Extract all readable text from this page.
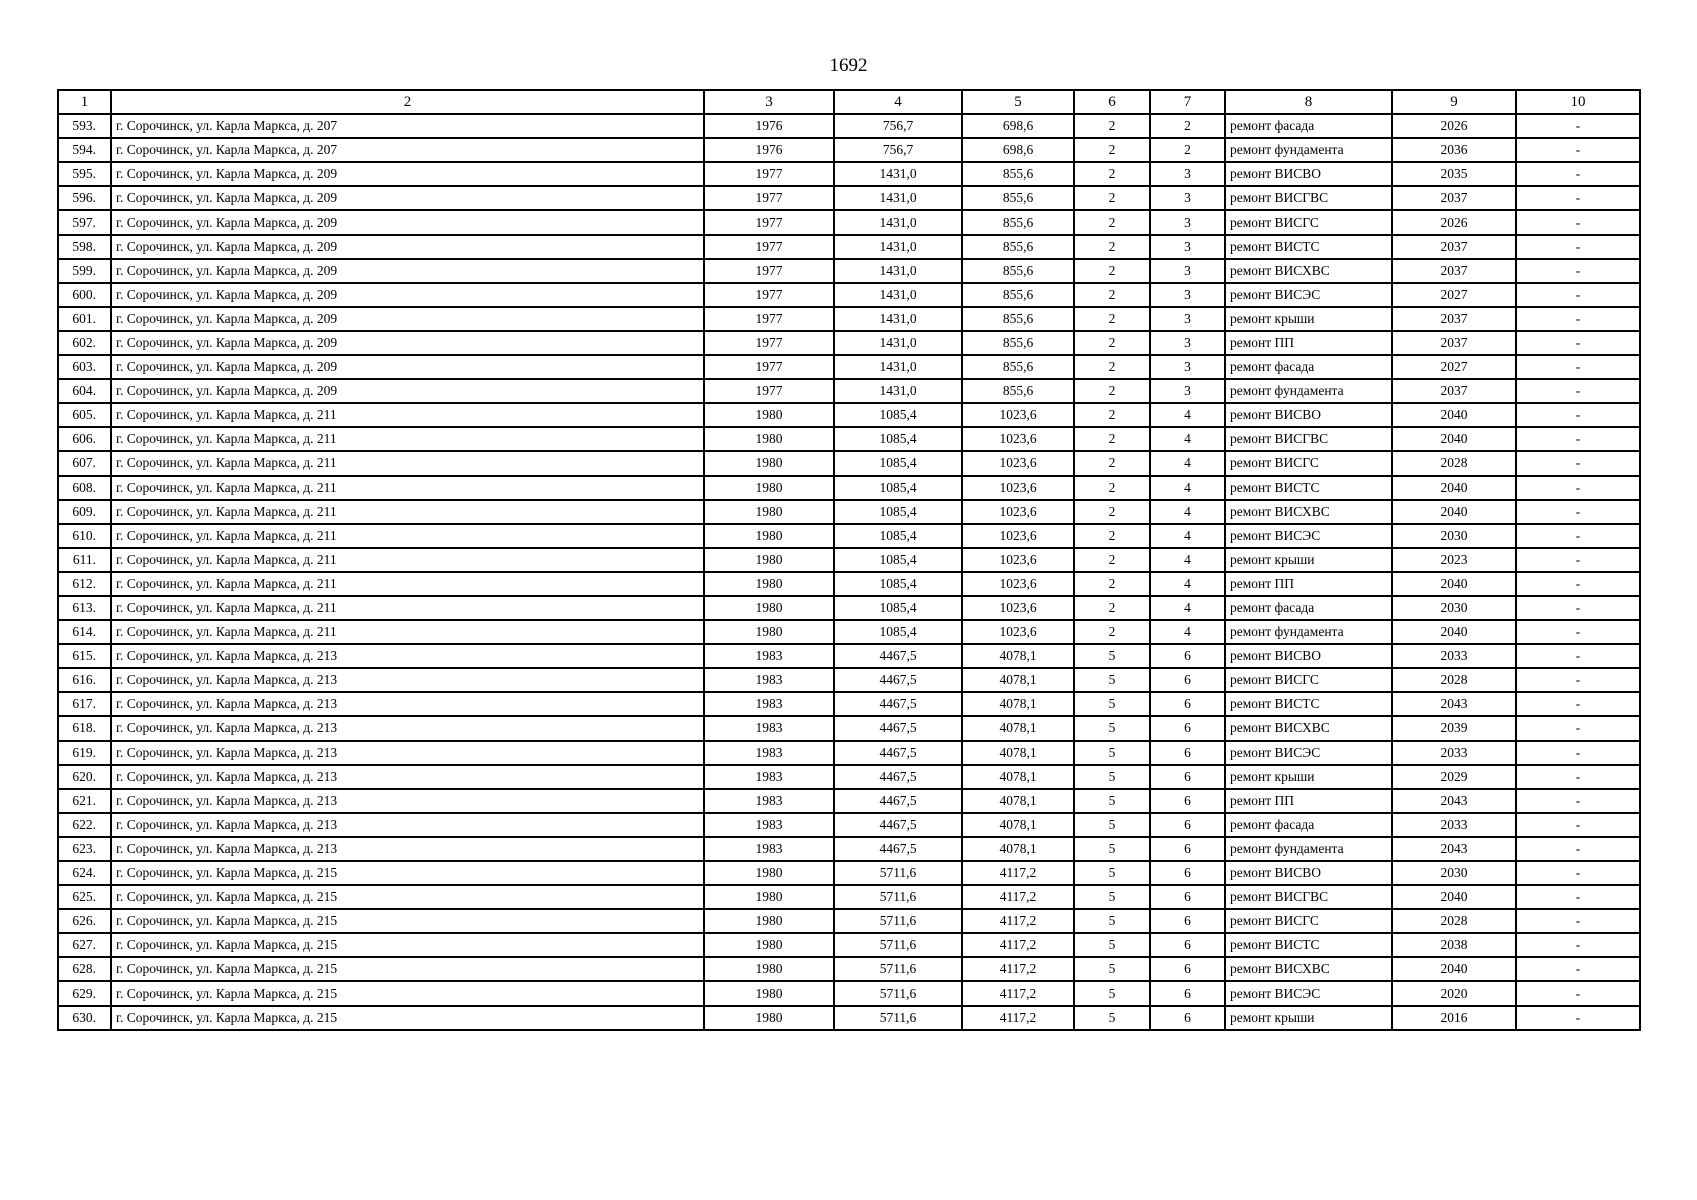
1692
1	2	3	4	5	6	7	8	9	10
593.	г. Сорочинск, ул. Карла Маркса, д. 207	1976	756,7	698,6	2	2	ремонт фасада	2026	-
594.	г. Сорочинск, ул. Карла Маркса, д. 207	1976	756,7	698,6	2	2	ремонт фундамента	2036	-
595.	г. Сорочинск, ул. Карла Маркса, д. 209	1977	1431,0	855,6	2	3	ремонт ВИСВО	2035	-
596.	г. Сорочинск, ул. Карла Маркса, д. 209	1977	1431,0	855,6	2	3	ремонт ВИСГВС	2037	-
597.	г. Сорочинск, ул. Карла Маркса, д. 209	1977	1431,0	855,6	2	3	ремонт ВИСГС	2026	-
598.	г. Сорочинск, ул. Карла Маркса, д. 209	1977	1431,0	855,6	2	3	ремонт ВИСТС	2037	-
599.	г. Сорочинск, ул. Карла Маркса, д. 209	1977	1431,0	855,6	2	3	ремонт ВИСХВС	2037	-
600.	г. Сорочинск, ул. Карла Маркса, д. 209	1977	1431,0	855,6	2	3	ремонт ВИСЭС	2027	-
601.	г. Сорочинск, ул. Карла Маркса, д. 209	1977	1431,0	855,6	2	3	ремонт крыши	2037	-
602.	г. Сорочинск, ул. Карла Маркса, д. 209	1977	1431,0	855,6	2	3	ремонт ПП	2037	-
603.	г. Сорочинск, ул. Карла Маркса, д. 209	1977	1431,0	855,6	2	3	ремонт фасада	2027	-
604.	г. Сорочинск, ул. Карла Маркса, д. 209	1977	1431,0	855,6	2	3	ремонт фундамента	2037	-
605.	г. Сорочинск, ул. Карла Маркса, д. 211	1980	1085,4	1023,6	2	4	ремонт ВИСВО	2040	-
606.	г. Сорочинск, ул. Карла Маркса, д. 211	1980	1085,4	1023,6	2	4	ремонт ВИСГВС	2040	-
607.	г. Сорочинск, ул. Карла Маркса, д. 211	1980	1085,4	1023,6	2	4	ремонт ВИСГС	2028	-
608.	г. Сорочинск, ул. Карла Маркса, д. 211	1980	1085,4	1023,6	2	4	ремонт ВИСТС	2040	-
609.	г. Сорочинск, ул. Карла Маркса, д. 211	1980	1085,4	1023,6	2	4	ремонт ВИСХВС	2040	-
610.	г. Сорочинск, ул. Карла Маркса, д. 211	1980	1085,4	1023,6	2	4	ремонт ВИСЭС	2030	-
611.	г. Сорочинск, ул. Карла Маркса, д. 211	1980	1085,4	1023,6	2	4	ремонт крыши	2023	-
612.	г. Сорочинск, ул. Карла Маркса, д. 211	1980	1085,4	1023,6	2	4	ремонт ПП	2040	-
613.	г. Сорочинск, ул. Карла Маркса, д. 211	1980	1085,4	1023,6	2	4	ремонт фасада	2030	-
614.	г. Сорочинск, ул. Карла Маркса, д. 211	1980	1085,4	1023,6	2	4	ремонт фундамента	2040	-
615.	г. Сорочинск, ул. Карла Маркса, д. 213	1983	4467,5	4078,1	5	6	ремонт ВИСВО	2033	-
616.	г. Сорочинск, ул. Карла Маркса, д. 213	1983	4467,5	4078,1	5	6	ремонт ВИСГС	2028	-
617.	г. Сорочинск, ул. Карла Маркса, д. 213	1983	4467,5	4078,1	5	6	ремонт ВИСТС	2043	-
618.	г. Сорочинск, ул. Карла Маркса, д. 213	1983	4467,5	4078,1	5	6	ремонт ВИСХВС	2039	-
619.	г. Сорочинск, ул. Карла Маркса, д. 213	1983	4467,5	4078,1	5	6	ремонт ВИСЭС	2033	-
620.	г. Сорочинск, ул. Карла Маркса, д. 213	1983	4467,5	4078,1	5	6	ремонт крыши	2029	-
621.	г. Сорочинск, ул. Карла Маркса, д. 213	1983	4467,5	4078,1	5	6	ремонт ПП	2043	-
622.	г. Сорочинск, ул. Карла Маркса, д. 213	1983	4467,5	4078,1	5	6	ремонт фасада	2033	-
623.	г. Сорочинск, ул. Карла Маркса, д. 213	1983	4467,5	4078,1	5	6	ремонт фундамента	2043	-
624.	г. Сорочинск, ул. Карла Маркса, д. 215	1980	5711,6	4117,2	5	6	ремонт ВИСВО	2030	-
625.	г. Сорочинск, ул. Карла Маркса, д. 215	1980	5711,6	4117,2	5	6	ремонт ВИСГВС	2040	-
626.	г. Сорочинск, ул. Карла Маркса, д. 215	1980	5711,6	4117,2	5	6	ремонт ВИСГС	2028	-
627.	г. Сорочинск, ул. Карла Маркса, д. 215	1980	5711,6	4117,2	5	6	ремонт ВИСТС	2038	-
628.	г. Сорочинск, ул. Карла Маркса, д. 215	1980	5711,6	4117,2	5	6	ремонт ВИСХВС	2040	-
629.	г. Сорочинск, ул. Карла Маркса, д. 215	1980	5711,6	4117,2	5	6	ремонт ВИСЭС	2020	-
630.	г. Сорочинск, ул. Карла Маркса, д. 215	1980	5711,6	4117,2	5	6	ремонт крыши	2016	-
